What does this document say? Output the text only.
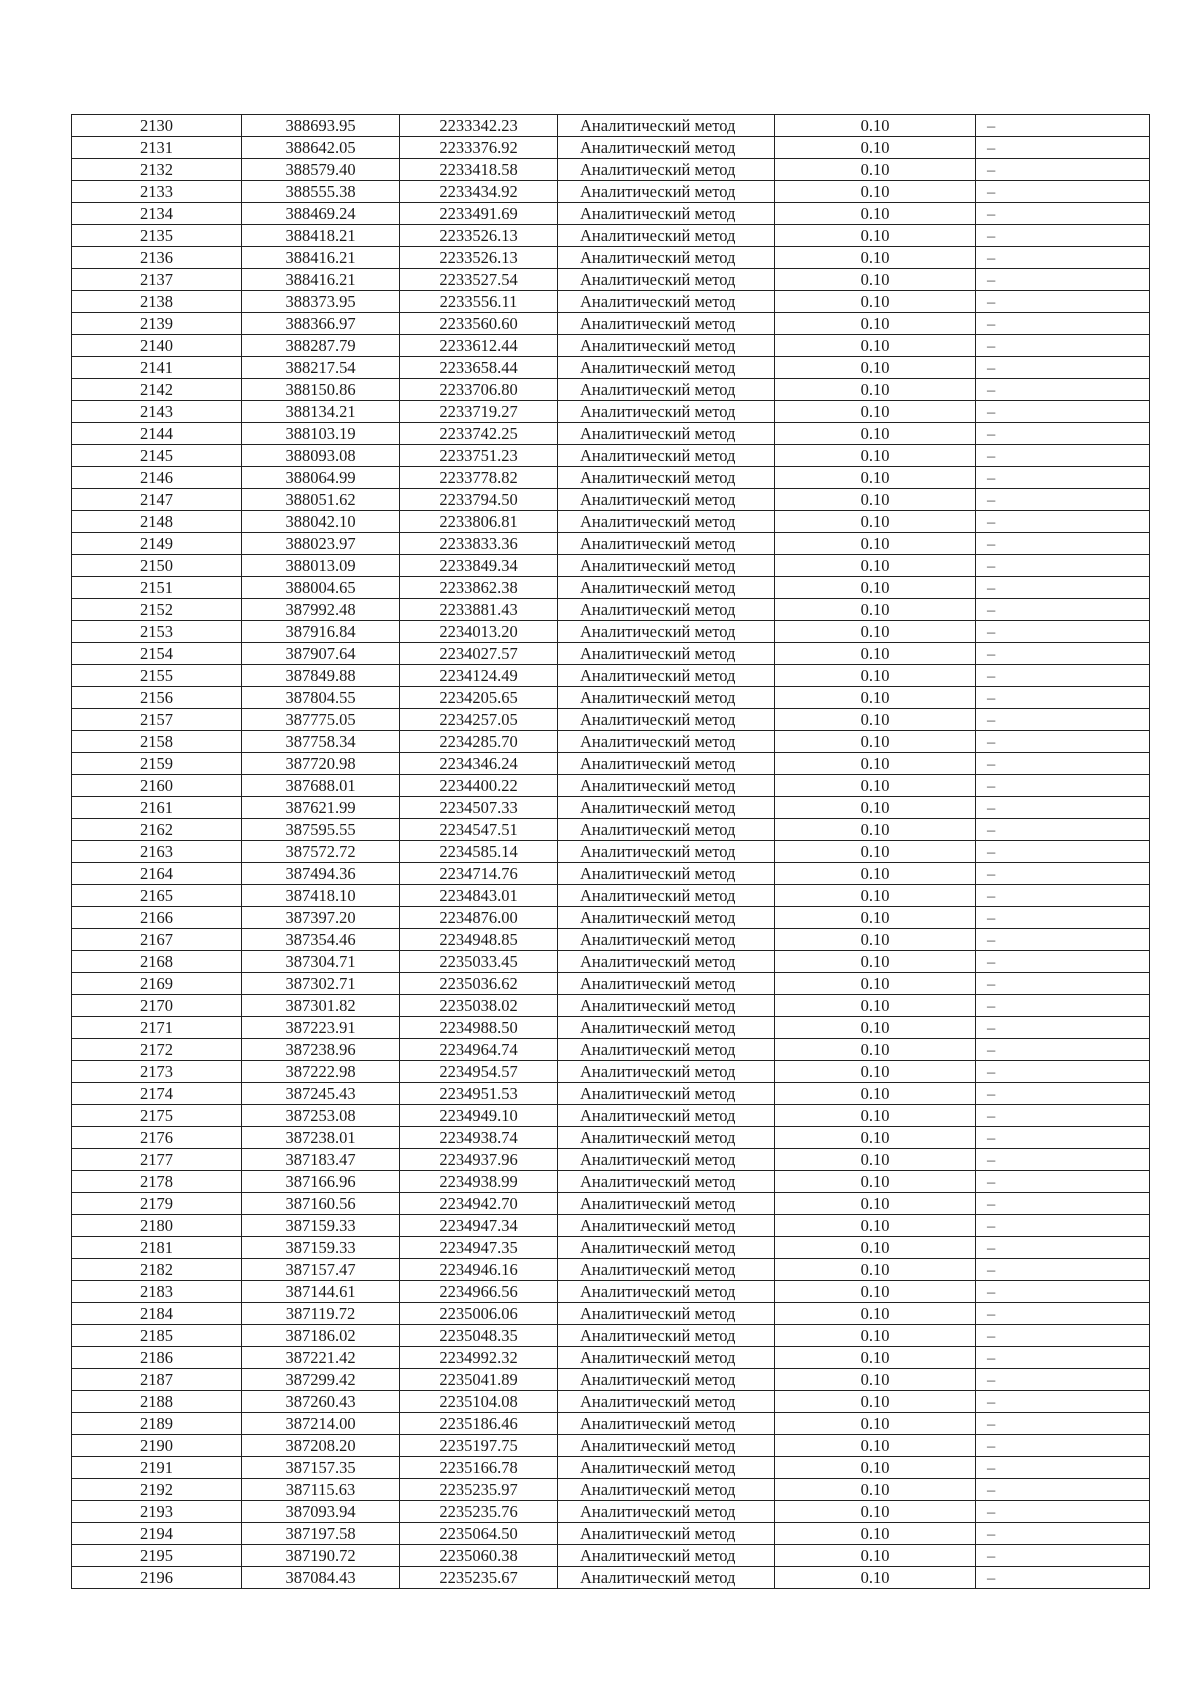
2130	388693.95	2233342.23	Аналитический метод	0.10	–
2131	388642.05	2233376.92	Аналитический метод	0.10	–
2132	388579.40	2233418.58	Аналитический метод	0.10	–
2133	388555.38	2233434.92	Аналитический метод	0.10	–
2134	388469.24	2233491.69	Аналитический метод	0.10	–
2135	388418.21	2233526.13	Аналитический метод	0.10	–
2136	388416.21	2233526.13	Аналитический метод	0.10	–
2137	388416.21	2233527.54	Аналитический метод	0.10	–
2138	388373.95	2233556.11	Аналитический метод	0.10	–
2139	388366.97	2233560.60	Аналитический метод	0.10	–
2140	388287.79	2233612.44	Аналитический метод	0.10	–
2141	388217.54	2233658.44	Аналитический метод	0.10	–
2142	388150.86	2233706.80	Аналитический метод	0.10	–
2143	388134.21	2233719.27	Аналитический метод	0.10	–
2144	388103.19	2233742.25	Аналитический метод	0.10	–
2145	388093.08	2233751.23	Аналитический метод	0.10	–
2146	388064.99	2233778.82	Аналитический метод	0.10	–
2147	388051.62	2233794.50	Аналитический метод	0.10	–
2148	388042.10	2233806.81	Аналитический метод	0.10	–
2149	388023.97	2233833.36	Аналитический метод	0.10	–
2150	388013.09	2233849.34	Аналитический метод	0.10	–
2151	388004.65	2233862.38	Аналитический метод	0.10	–
2152	387992.48	2233881.43	Аналитический метод	0.10	–
2153	387916.84	2234013.20	Аналитический метод	0.10	–
2154	387907.64	2234027.57	Аналитический метод	0.10	–
2155	387849.88	2234124.49	Аналитический метод	0.10	–
2156	387804.55	2234205.65	Аналитический метод	0.10	–
2157	387775.05	2234257.05	Аналитический метод	0.10	–
2158	387758.34	2234285.70	Аналитический метод	0.10	–
2159	387720.98	2234346.24	Аналитический метод	0.10	–
2160	387688.01	2234400.22	Аналитический метод	0.10	–
2161	387621.99	2234507.33	Аналитический метод	0.10	–
2162	387595.55	2234547.51	Аналитический метод	0.10	–
2163	387572.72	2234585.14	Аналитический метод	0.10	–
2164	387494.36	2234714.76	Аналитический метод	0.10	–
2165	387418.10	2234843.01	Аналитический метод	0.10	–
2166	387397.20	2234876.00	Аналитический метод	0.10	–
2167	387354.46	2234948.85	Аналитический метод	0.10	–
2168	387304.71	2235033.45	Аналитический метод	0.10	–
2169	387302.71	2235036.62	Аналитический метод	0.10	–
2170	387301.82	2235038.02	Аналитический метод	0.10	–
2171	387223.91	2234988.50	Аналитический метод	0.10	–
2172	387238.96	2234964.74	Аналитический метод	0.10	–
2173	387222.98	2234954.57	Аналитический метод	0.10	–
2174	387245.43	2234951.53	Аналитический метод	0.10	–
2175	387253.08	2234949.10	Аналитический метод	0.10	–
2176	387238.01	2234938.74	Аналитический метод	0.10	–
2177	387183.47	2234937.96	Аналитический метод	0.10	–
2178	387166.96	2234938.99	Аналитический метод	0.10	–
2179	387160.56	2234942.70	Аналитический метод	0.10	–
2180	387159.33	2234947.34	Аналитический метод	0.10	–
2181	387159.33	2234947.35	Аналитический метод	0.10	–
2182	387157.47	2234946.16	Аналитический метод	0.10	–
2183	387144.61	2234966.56	Аналитический метод	0.10	–
2184	387119.72	2235006.06	Аналитический метод	0.10	–
2185	387186.02	2235048.35	Аналитический метод	0.10	–
2186	387221.42	2234992.32	Аналитический метод	0.10	–
2187	387299.42	2235041.89	Аналитический метод	0.10	–
2188	387260.43	2235104.08	Аналитический метод	0.10	–
2189	387214.00	2235186.46	Аналитический метод	0.10	–
2190	387208.20	2235197.75	Аналитический метод	0.10	–
2191	387157.35	2235166.78	Аналитический метод	0.10	–
2192	387115.63	2235235.97	Аналитический метод	0.10	–
2193	387093.94	2235235.76	Аналитический метод	0.10	–
2194	387197.58	2235064.50	Аналитический метод	0.10	–
2195	387190.72	2235060.38	Аналитический метод	0.10	–
2196	387084.43	2235235.67	Аналитический метод	0.10	–
